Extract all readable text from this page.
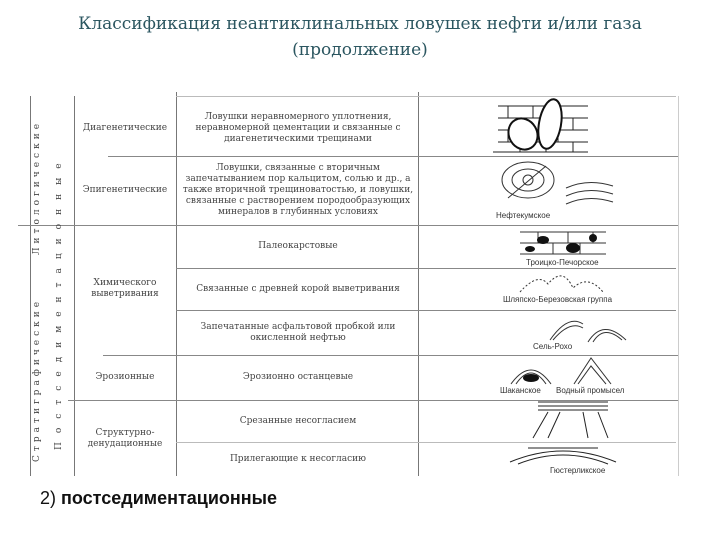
Классификация неантиклинальных ловушек нефти и/или газа
(продолжение)
Литологические
Стратиграфические Постседиментационные
Диагенетические
Эпигенетические
Химического выветривания
Эрозионные
Структурно-денудационные
Ловушки неравномерного уплотнения, неравномерной цементации и связанные с диагенетическими трещинами
Ловушки, связанные с вторичным запечатыванием пор кальцитом, солью и др., а также вторичной трещиноватостью, и ловушки, связанные с растворением породообразующих минералов в глубинных условиях
Палеокарстовые
Связанные с древней корой выветривания
Запечатанные асфальтовой пробкой или окисленной нефтью
Эрозионно останцевые
Срезанные несогласием
Прилегающие к несогласию
Нефтекумское
Троицко-Печорское
Шляпско-Березовская группа
Сель-Рохо
Шаканское Водный промысел
Гюстерликское
2) постседиментационные
